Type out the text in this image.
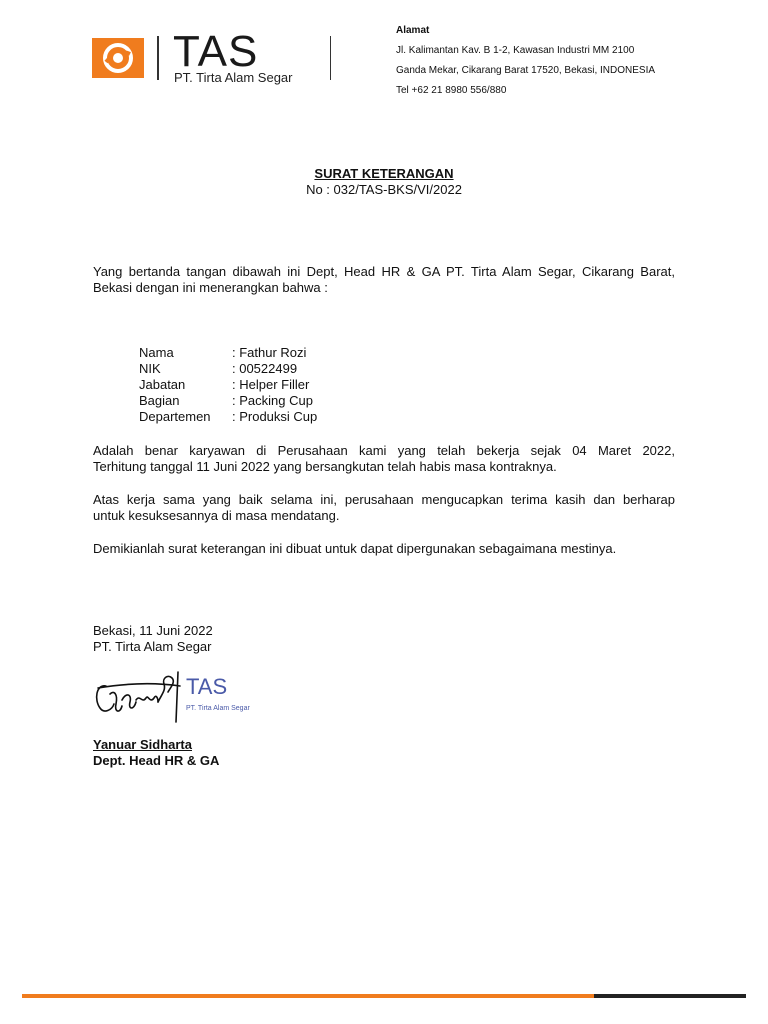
TAS
PT. Tirta Alam Segar
Alamat
Jl. Kalimantan Kav. B 1-2, Kawasan Industri MM 2100
Ganda Mekar, Cikarang Barat 17520, Bekasi, INDONESIA
Tel +62 21 8980 556/880
SURAT KETERANGAN
No : 032/TAS-BKS/VI/2022
Yang bertanda tangan dibawah ini Dept, Head HR & GA PT. Tirta Alam Segar, Cikarang Barat,
Bekasi dengan ini menerangkan bahwa :
Nama	: Fathur Rozi
NIK	: 00522499
Jabatan	: Helper Filler
Bagian	: Packing Cup
Departemen : Produksi Cup
Adalah benar karyawan di Perusahaan kami yang telah bekerja sejak 04 Maret 2022,
Terhitung tanggal 11 Juni 2022 yang bersangkutan telah habis masa kontraknya.
Atas kerja sama yang baik selama ini, perusahaan mengucapkan terima kasih dan berharap
untuk kesuksesannya di masa mendatang.
Demikianlah surat keterangan ini dibuat untuk dapat dipergunakan sebagaimana mestinya.
Bekasi, 11 Juni 2022
PT. Tirta Alam Segar
TAS
PT. Tirta Alam Segar
Yanuar Sidharta
Dept. Head HR & GA
